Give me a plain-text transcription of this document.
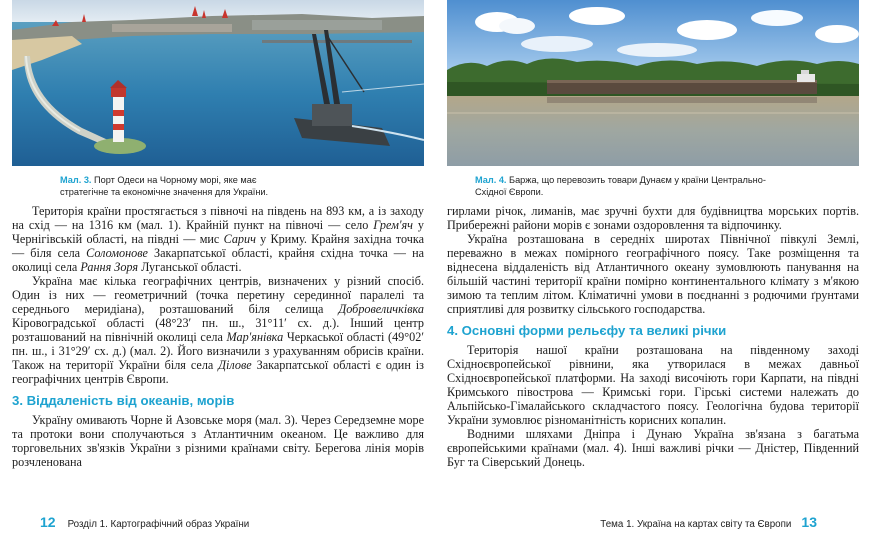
Мал. 3. Порт Одеси на Чорному морі, яке має стратегічне та економічне значення для України.

Територія країни простягається з півночі на південь на 893 км, а із заходу на схід — на 1316 км (мал. 1). Крайній пункт на півночі — село Грем'яч у Чернігівській області, на півдні — мис Сарич у Криму. Крайня західна точка — біля села Соломонове Закарпатської області, крайня східна точка — на околиці села Рання Зоря Луганської області.

Україна має кілька географічних центрів, визначених у різний спосіб. Один із них — геометричний (точка перетину серединної паралелі та середнього меридіана), розташований біля селища Добровеличківка Кіровоградської області (48°23′ пн. ш., 31°11′ сх. д.). Інший центр розташований на північній околиці села Мар'янівка Черкаської області (49°02′ пн. ш., і 31°29′ сх. д.) (мал. 2). Його визначили з урахуванням обрисів країни. Також на території України біля села Ділове Закарпатської області є один із географічних центрів Європи.

3. Віддаленість від океанів, морів

Україну омивають Чорне й Азовське моря (мал. 3). Через Середземне море та протоки вони сполучаються з Атлантичним океаном. Це важливо для торговельних зв'язків України з різними країнами світу. Берегова лінія морів розчленована

Мал. 4. Баржа, що перевозить товари Дунаєм у країни Центрально-Східної Європи.

гирлами річок, лиманів, має зручні бухти для будівництва морських портів. Прибережні райони морів є зонами оздоровлення та відпочинку.

Україна розташована в середніх широтах Північної півкулі Землі, переважно в межах помірного географічного поясу. Таке розміщення та віднесена віддаленість від Атлантичного океану зумовлюють панування на більшій частині території країни помірно континентального клімату з м'якою зимою та теплим літом. Кліматичні умови в поєднанні з родючими ґрунтами сприятливі для розвитку сільського господарства.

4. Основні форми рельєфу та великі річки

Територія нашої країни розташована на південному заході Східноєвропейської рівнини, яка утворилася в межах давньої Східноєвропейської платформи. На заході височіють гори Карпати, на півдні Кримського півострова — Кримські гори. Гірські системи належать до Альпійсько-Гімалайського складчастого поясу. Геологічна будова території України зумовлює різноманітність корисних копалин.

Водними шляхами Дніпра і Дунаю Україна зв'язана з багатьма європейськими країнами (мал. 4). Інші важливі річки — Дністер, Південний Буг та Сіверський Донець.

12 Розділ 1. Картографічний образ України	Тема 1. Україна на картах світу та Європи 13
